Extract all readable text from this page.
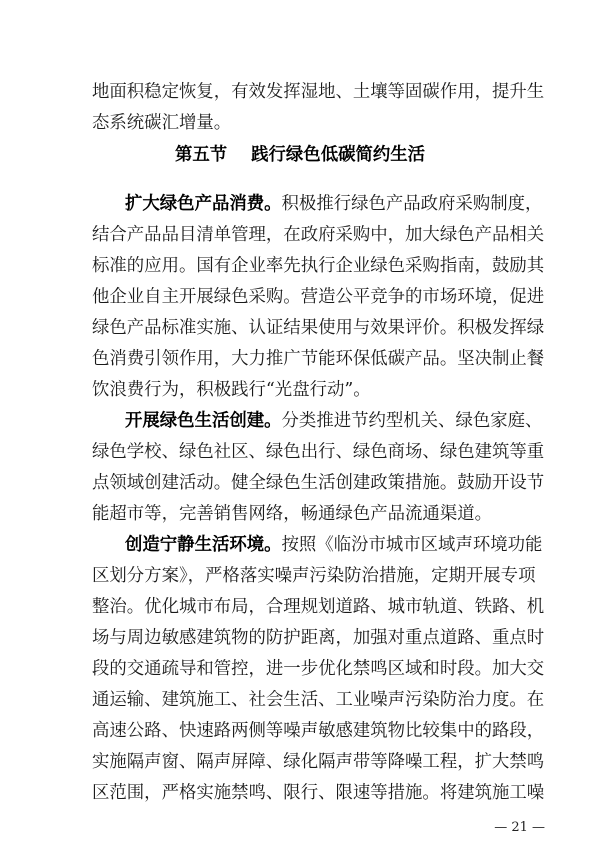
地面积稳定恢复，有效发挥湿地、土壤等固碳作用，提升生
态系统碳汇增量。
第五节 践行绿色低碳简约生活
扩大绿色产品消费。积极推行绿色产品政府采购制度，
结合产品品目清单管理，在政府采购中，加大绿色产品相关
标准的应用。国有企业率先执行企业绿色采购指南，鼓励其
他企业自主开展绿色采购。营造公平竞争的市场环境，促进
绿色产品标准实施、认证结果使用与效果评价。积极发挥绿
色消费引领作用，大力推广节能环保低碳产品。坚决制止餐
饮浪费行为，积极践行“光盘行动”。
开展绿色生活创建。分类推进节约型机关、绿色家庭、
绿色学校、绿色社区、绿色出行、绿色商场、绿色建筑等重
点领域创建活动。健全绿色生活创建政策措施。鼓励开设节
能超市等，完善销售网络，畅通绿色产品流通渠道。
创造宁静生活环境。按照《临汾市城市区域声环境功能
区划分方案》，严格落实噪声污染防治措施，定期开展专项
整治。优化城市布局，合理规划道路、城市轨道、铁路、机
场与周边敏感建筑物的防护距离，加强对重点道路、重点时
段的交通疏导和管控，进一步优化禁鸣区域和时段。加大交
通运输、建筑施工、社会生活、工业噪声污染防治力度。在
高速公路、快速路两侧等噪声敏感建筑物比较集中的路段，
实施隔声窗、隔声屏障、绿化隔声带等降噪工程，扩大禁鸣
区范围，严格实施禁鸣、限行、限速等措施。将建筑施工噪
— 21 —
